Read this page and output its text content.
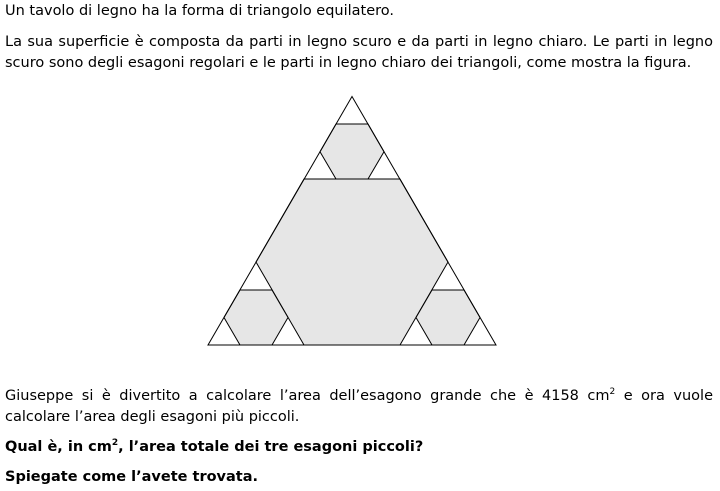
Un tavolo di legno ha la forma di triangolo equilatero.
La sua superficie è composta da parti in legno scuro e da parti in legno chiaro. Le parti in legno scuro sono degli esagoni regolari e le parti in legno chiaro dei triangoli, come mostra la figura.
Giuseppe si è divertito a calcolare l’area dell’esagono grande che è 4158 $cm^2$ e ora vuole calcolare l’area degli esagoni più piccoli.
Qual è, in $cm^2$, l’area totale dei tre esagoni piccoli?
Spiegate come l’avete trovata.
